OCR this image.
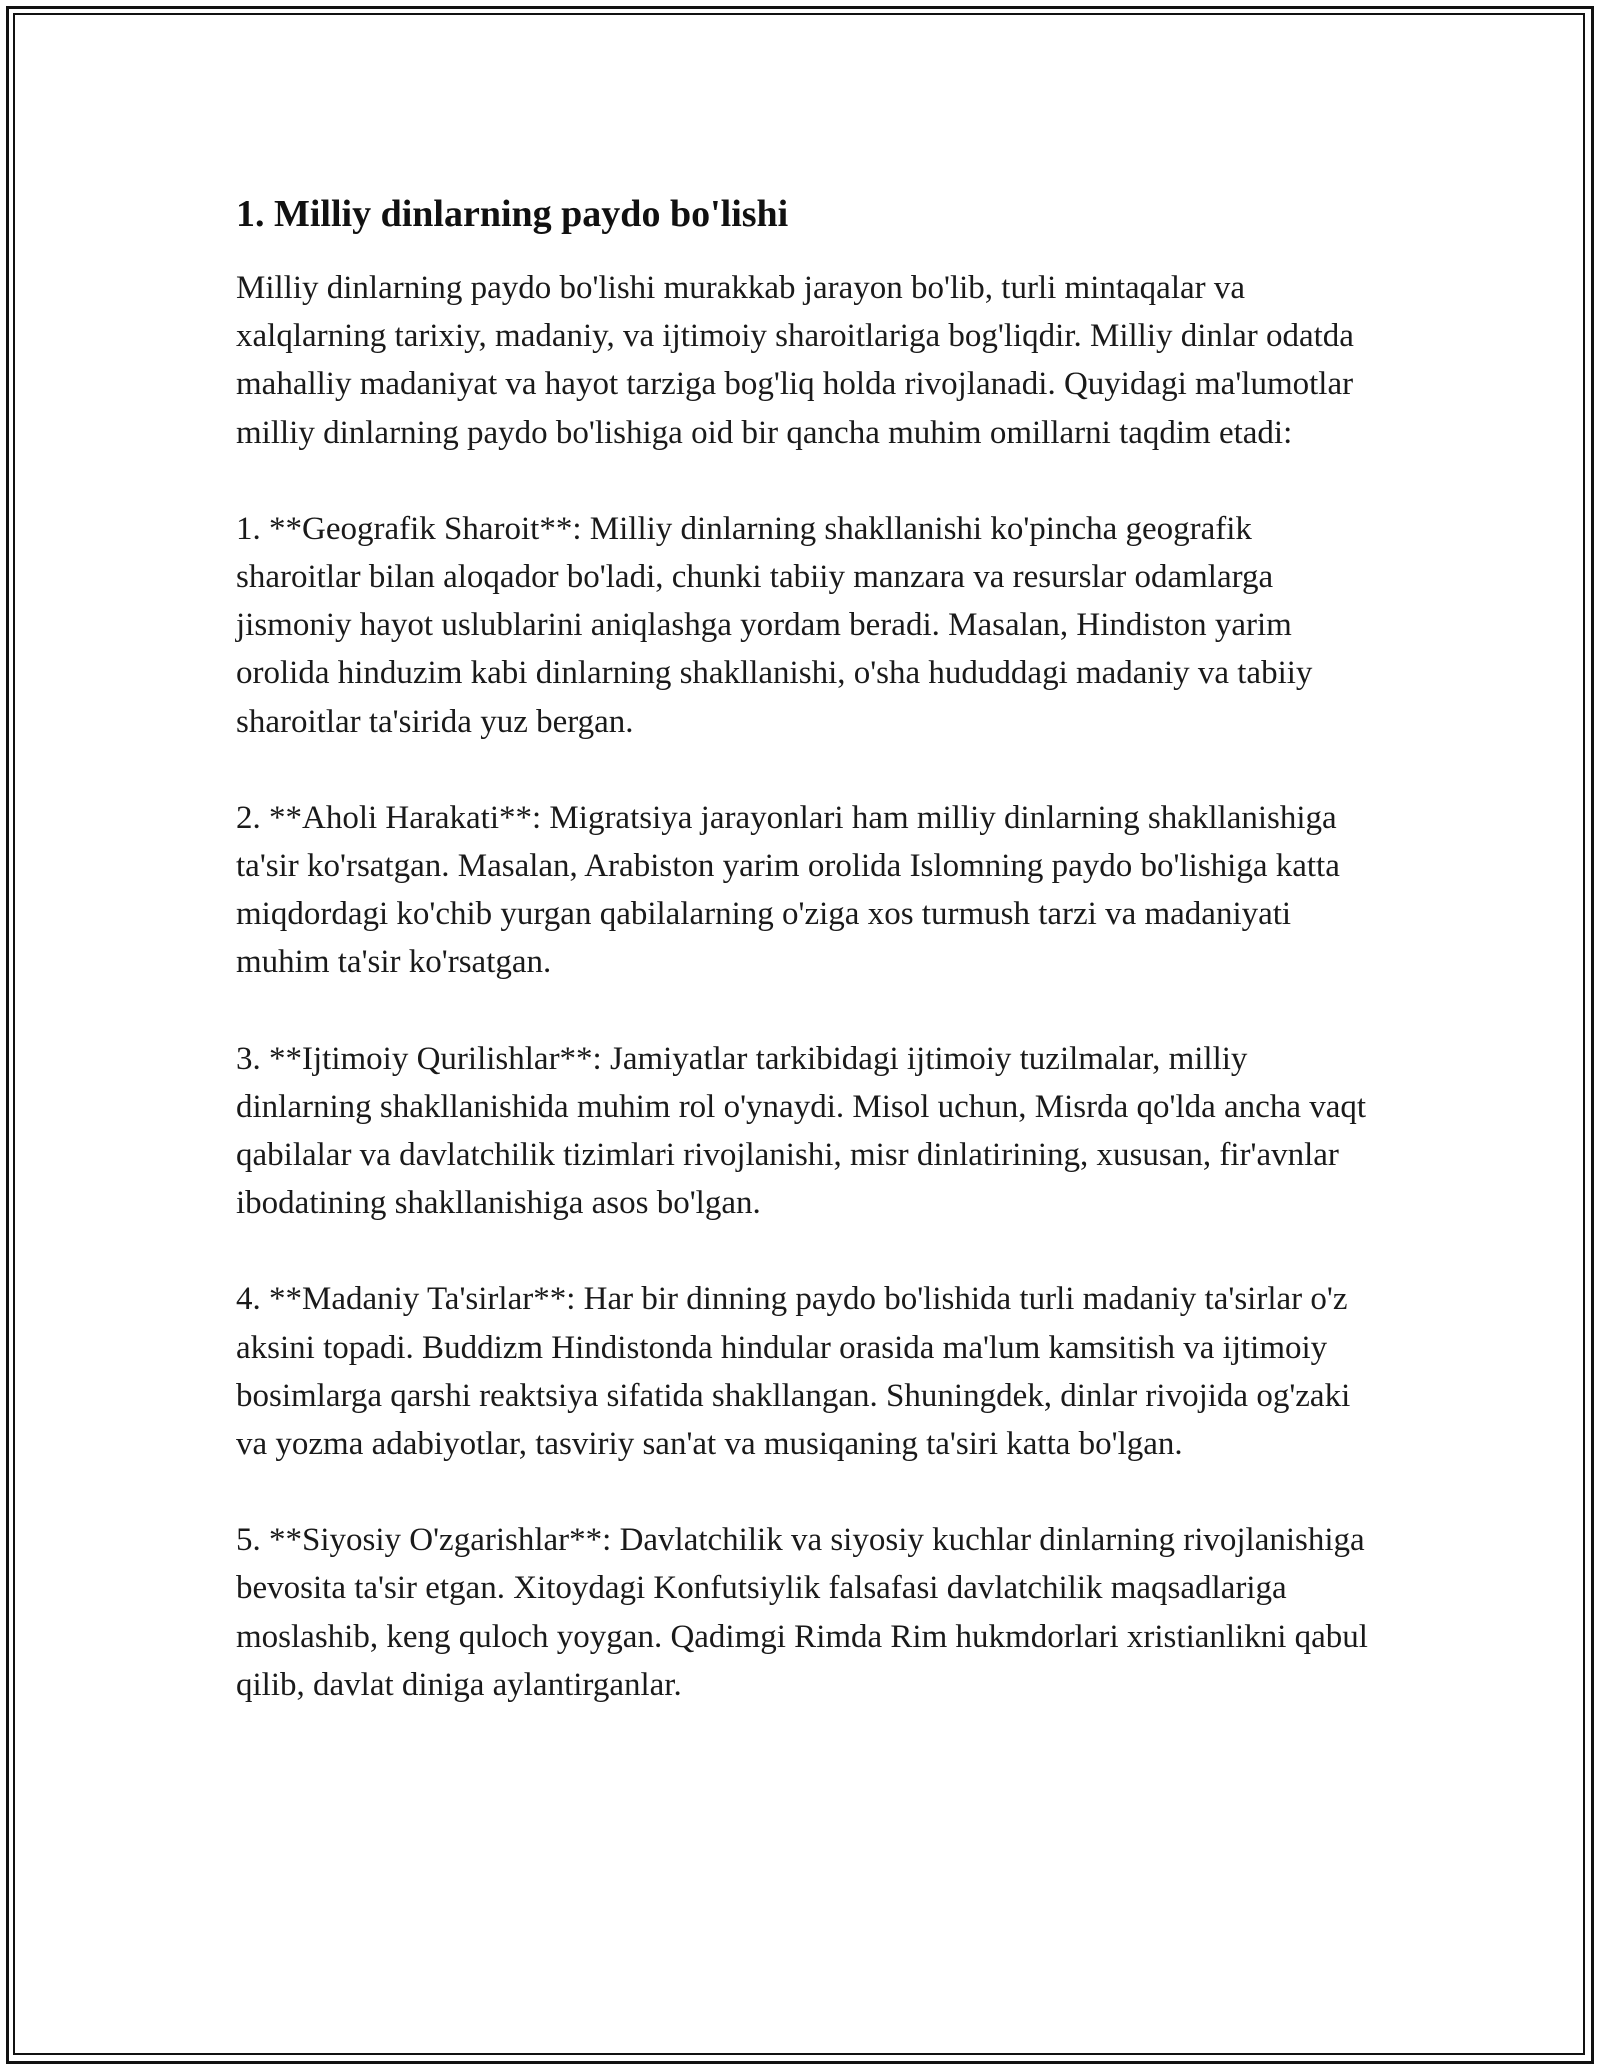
1. Milliy dinlarning paydo bo'lishi

Milliy dinlarning paydo bo'lishi murakkab jarayon bo'lib, turli mintaqalar va xalqlarning tarixiy, madaniy, va ijtimoiy sharoitlariga bog'liqdir. Milliy dinlar odatda mahalliy madaniyat va hayot tarziga bog'liq holda rivojlanadi. Quyidagi ma'lumotlar milliy dinlarning paydo bo'lishiga oid bir qancha muhim omillarni taqdim etadi:

1. **Geografik Sharoit**: Milliy dinlarning shakllanishi ko'pincha geografik sharoitlar bilan aloqador bo'ladi, chunki tabiiy manzara va resurslar odamlarga jismoniy hayot uslublarini aniqlashga yordam beradi. Masalan, Hindiston yarim orolida hinduzim kabi dinlarning shakllanishi, o'sha hududdagi madaniy va tabiiy sharoitlar ta'sirida yuz bergan.

2. **Aholi Harakati**: Migratsiya jarayonlari ham milliy dinlarning shakllanishiga ta'sir ko'rsatgan. Masalan, Arabiston yarim orolida Islomning paydo bo'lishiga katta miqdordagi ko'chib yurgan qabilalarning o'ziga xos turmush tarzi va madaniyati muhim ta'sir ko'rsatgan.

3. **Ijtimoiy Qurilishlar**: Jamiyatlar tarkibidagi ijtimoiy tuzilmalar, milliy dinlarning shakllanishida muhim rol o'ynaydi. Misol uchun, Misrda qo'lda ancha vaqt qabilalar va davlatchilik tizimlari rivojlanishi, misr dinlatirining, xususan, fir'avnlar ibodatining shakllanishiga asos bo'lgan.

4. **Madaniy Ta'sirlar**: Har bir dinning paydo bo'lishida turli madaniy ta'sirlar o'z aksini topadi. Buddizm Hindistonda hindular orasida ma'lum kamsitish va ijtimoiy bosimlarga qarshi reaktsiya sifatida shakllangan. Shuningdek, dinlar rivojida og'zaki va yozma adabiyotlar, tasviriy san'at va musiqaning ta'siri katta bo'lgan.

5. **Siyosiy O'zgarishlar**: Davlatchilik va siyosiy kuchlar dinlarning rivojlanishiga bevosita ta'sir etgan. Xitoydagi Konfutsiylik falsafasi davlatchilik maqsadlariga moslashib, keng quloch yoygan. Qadimgi Rimda Rim hukmdorlari xristianlikni qabul qilib, davlat diniga aylantirganlar.
